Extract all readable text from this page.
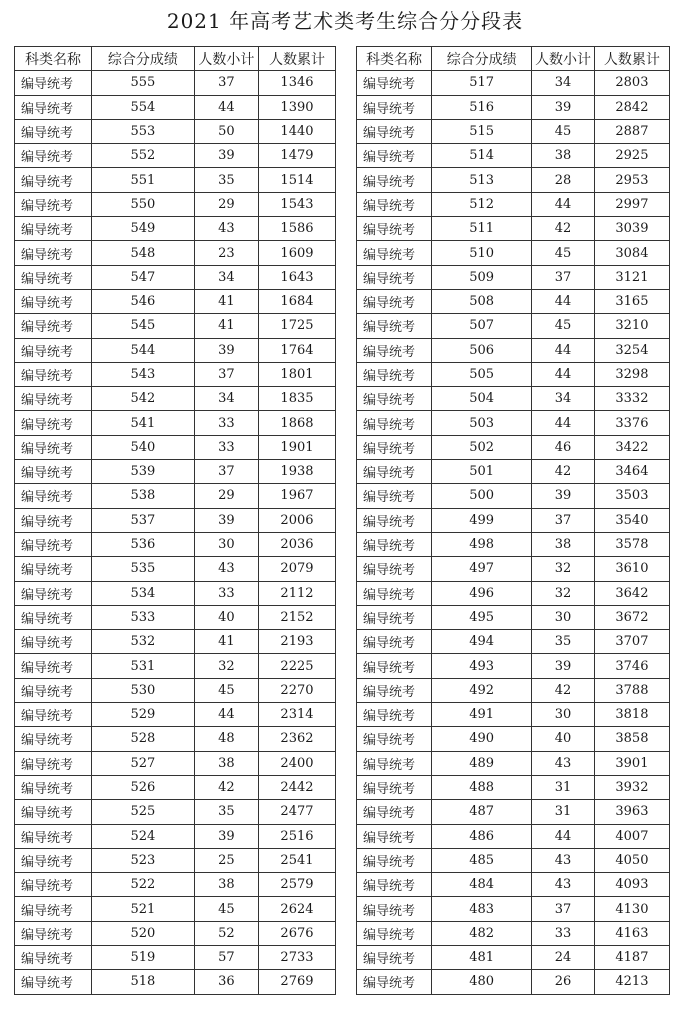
2021 年高考艺术类考生综合分分段表
科类名称	综合分成绩	人数小计	人数累计
编导统考	555	37	1346
编导统考	554	44	1390
编导统考	553	50	1440
编导统考	552	39	1479
编导统考	551	35	1514
编导统考	550	29	1543
编导统考	549	43	1586
编导统考	548	23	1609
编导统考	547	34	1643
编导统考	546	41	1684
编导统考	545	41	1725
编导统考	544	39	1764
编导统考	543	37	1801
编导统考	542	34	1835
编导统考	541	33	1868
编导统考	540	33	1901
编导统考	539	37	1938
编导统考	538	29	1967
编导统考	537	39	2006
编导统考	536	30	2036
编导统考	535	43	2079
编导统考	534	33	2112
编导统考	533	40	2152
编导统考	532	41	2193
编导统考	531	32	2225
编导统考	530	45	2270
编导统考	529	44	2314
编导统考	528	48	2362
编导统考	527	38	2400
编导统考	526	42	2442
编导统考	525	35	2477
编导统考	524	39	2516
编导统考	523	25	2541
编导统考	522	38	2579
编导统考	521	45	2624
编导统考	520	52	2676
编导统考	519	57	2733
编导统考	518	36	2769
科类名称	综合分成绩	人数小计	人数累计
编导统考	517	34	2803
编导统考	516	39	2842
编导统考	515	45	2887
编导统考	514	38	2925
编导统考	513	28	2953
编导统考	512	44	2997
编导统考	511	42	3039
编导统考	510	45	3084
编导统考	509	37	3121
编导统考	508	44	3165
编导统考	507	45	3210
编导统考	506	44	3254
编导统考	505	44	3298
编导统考	504	34	3332
编导统考	503	44	3376
编导统考	502	46	3422
编导统考	501	42	3464
编导统考	500	39	3503
编导统考	499	37	3540
编导统考	498	38	3578
编导统考	497	32	3610
编导统考	496	32	3642
编导统考	495	30	3672
编导统考	494	35	3707
编导统考	493	39	3746
编导统考	492	42	3788
编导统考	491	30	3818
编导统考	490	40	3858
编导统考	489	43	3901
编导统考	488	31	3932
编导统考	487	31	3963
编导统考	486	44	4007
编导统考	485	43	4050
编导统考	484	43	4093
编导统考	483	37	4130
编导统考	482	33	4163
编导统考	481	24	4187
编导统考	480	26	4213
